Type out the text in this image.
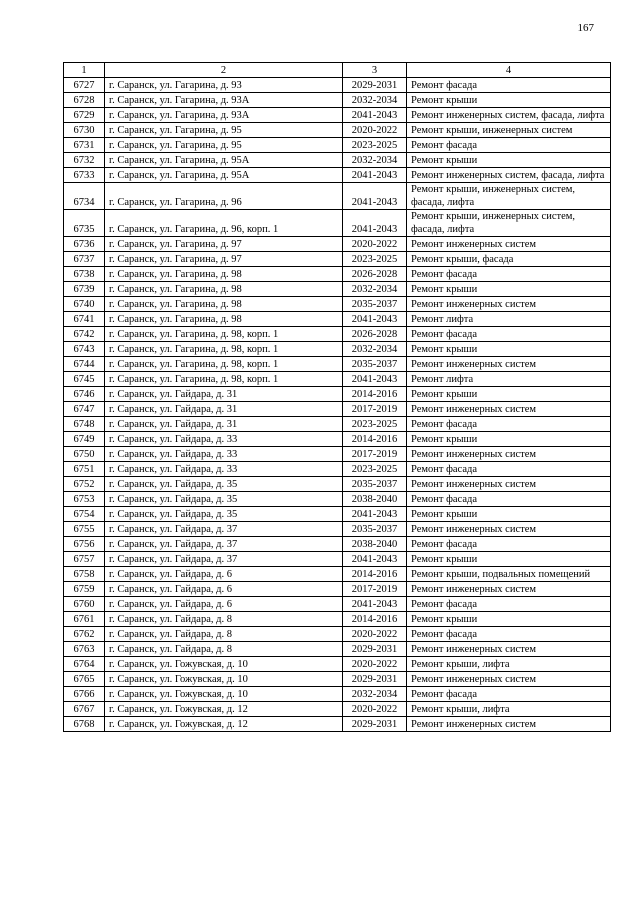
167
1	2	3	4
6727	г. Саранск, ул. Гагарина, д. 93	2029-2031	Ремонт фасада
6728	г. Саранск, ул. Гагарина, д. 93А	2032-2034	Ремонт крыши
6729	г. Саранск, ул. Гагарина, д. 93А	2041-2043	Ремонт инженерных систем, фасада, лифта
6730	г. Саранск, ул. Гагарина, д. 95	2020-2022	Ремонт крыши, инженерных систем
6731	г. Саранск, ул. Гагарина, д. 95	2023-2025	Ремонт фасада
6732	г. Саранск, ул. Гагарина, д. 95А	2032-2034	Ремонт крыши
6733	г. Саранск, ул. Гагарина, д. 95А	2041-2043	Ремонт инженерных систем, фасада, лифта
6734	г. Саранск, ул. Гагарина, д. 96	2041-2043	Ремонт крыши, инженерных систем, фасада, лифта
6735	г. Саранск, ул. Гагарина, д. 96, корп. 1	2041-2043	Ремонт крыши, инженерных систем, фасада, лифта
6736	г. Саранск, ул. Гагарина, д. 97	2020-2022	Ремонт инженерных систем
6737	г. Саранск, ул. Гагарина, д. 97	2023-2025	Ремонт крыши, фасада
6738	г. Саранск, ул. Гагарина, д. 98	2026-2028	Ремонт фасада
6739	г. Саранск, ул. Гагарина, д. 98	2032-2034	Ремонт крыши
6740	г. Саранск, ул. Гагарина, д. 98	2035-2037	Ремонт инженерных систем
6741	г. Саранск, ул. Гагарина, д. 98	2041-2043	Ремонт лифта
6742	г. Саранск, ул. Гагарина, д. 98, корп. 1	2026-2028	Ремонт фасада
6743	г. Саранск, ул. Гагарина, д. 98, корп. 1	2032-2034	Ремонт крыши
6744	г. Саранск, ул. Гагарина, д. 98, корп. 1	2035-2037	Ремонт инженерных систем
6745	г. Саранск, ул. Гагарина, д. 98, корп. 1	2041-2043	Ремонт лифта
6746	г. Саранск, ул. Гайдара, д. 31	2014-2016	Ремонт крыши
6747	г. Саранск, ул. Гайдара, д. 31	2017-2019	Ремонт инженерных систем
6748	г. Саранск, ул. Гайдара, д. 31	2023-2025	Ремонт фасада
6749	г. Саранск, ул. Гайдара, д. 33	2014-2016	Ремонт крыши
6750	г. Саранск, ул. Гайдара, д. 33	2017-2019	Ремонт инженерных систем
6751	г. Саранск, ул. Гайдара, д. 33	2023-2025	Ремонт фасада
6752	г. Саранск, ул. Гайдара, д. 35	2035-2037	Ремонт инженерных систем
6753	г. Саранск, ул. Гайдара, д. 35	2038-2040	Ремонт фасада
6754	г. Саранск, ул. Гайдара, д. 35	2041-2043	Ремонт крыши
6755	г. Саранск, ул. Гайдара, д. 37	2035-2037	Ремонт инженерных систем
6756	г. Саранск, ул. Гайдара, д. 37	2038-2040	Ремонт фасада
6757	г. Саранск, ул. Гайдара, д. 37	2041-2043	Ремонт крыши
6758	г. Саранск, ул. Гайдара, д. 6	2014-2016	Ремонт крыши, подвальных помещений
6759	г. Саранск, ул. Гайдара, д. 6	2017-2019	Ремонт инженерных систем
6760	г. Саранск, ул. Гайдара, д. 6	2041-2043	Ремонт фасада
6761	г. Саранск, ул. Гайдара, д. 8	2014-2016	Ремонт крыши
6762	г. Саранск, ул. Гайдара, д. 8	2020-2022	Ремонт фасада
6763	г. Саранск, ул. Гайдара, д. 8	2029-2031	Ремонт инженерных систем
6764	г. Саранск, ул. Гожувская, д. 10	2020-2022	Ремонт крыши, лифта
6765	г. Саранск, ул. Гожувская, д. 10	2029-2031	Ремонт инженерных систем
6766	г. Саранск, ул. Гожувская, д. 10	2032-2034	Ремонт фасада
6767	г. Саранск, ул. Гожувская, д. 12	2020-2022	Ремонт крыши, лифта
6768	г. Саранск, ул. Гожувская, д. 12	2029-2031	Ремонт инженерных систем
